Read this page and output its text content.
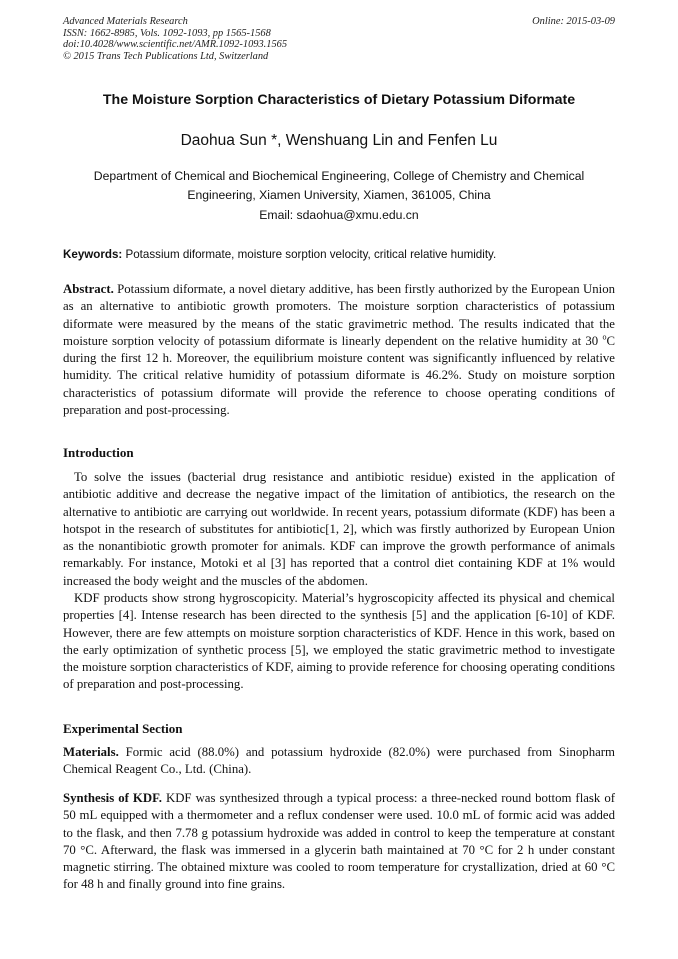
Advanced Materials Research
ISSN: 1662-8985, Vols. 1092-1093, pp 1565-1568
doi:10.4028/www.scientific.net/AMR.1092-1093.1565
© 2015 Trans Tech Publications Ltd, Switzerland
Online: 2015-03-09
The Moisture Sorption Characteristics of Dietary Potassium Diformate
Daohua Sun *, Wenshuang Lin and Fenfen Lu
Department of Chemical and Biochemical Engineering, College of Chemistry and Chemical
Engineering, Xiamen University, Xiamen, 361005, China
Email: sdaohua@xmu.edu.cn
Keywords: Potassium diformate, moisture sorption velocity, critical relative humidity.
Abstract. Potassium diformate, a novel dietary additive, has been firstly authorized by the European Union as an alternative to antibiotic growth promoters. The moisture sorption characteristics of potassium diformate were measured by the means of the static gravimetric method. The results indicated that the moisture sorption velocity of potassium diformate is linearly dependent on the relative humidity at 30 $^o$C during the first 12 h. Moreover, the equilibrium moisture content was significantly influenced by relative humidity. The critical relative humidity of potassium diformate is 46.2%. Study on moisture sorption characteristics of potassium diformate will provide the reference to choose operating conditions of preparation and post-processing.
Introduction
To solve the issues (bacterial drug resistance and antibiotic residue) existed in the application of antibiotic additive and decrease the negative impact of the limitation of antibiotics, the research on the alternative to antibiotic are carrying out worldwide. In recent years, potassium diformate (KDF) has been a hotspot in the research of substitutes for antibiotic[1, 2], which was firstly authorized by European Union as the nonantibiotic growth promoter for animals. KDF can improve the growth performance of animals remarkably. For instance, Motoki et al [3] has reported that a control diet containing KDF at 1% would increased the body weight and the muscles of the abdomen.
KDF products show strong hygroscopicity. Material’s hygroscopicity affected its physical and chemical properties [4]. Intense research has been directed to the synthesis [5] and the application [6-10] of KDF. However, there are few attempts on moisture sorption characteristics of KDF. Hence in this work, based on the early optimization of synthetic process [5], we employed the static gravimetric method to investigate the moisture sorption characteristics of KDF, aiming to provide reference for choosing operating conditions of preparation and post-processing.
Experimental Section
Materials. Formic acid (88.0%) and potassium hydroxide (82.0%) were purchased from Sinopharm Chemical Reagent Co., Ltd. (China).
Synthesis of KDF. KDF was synthesized through a typical process: a three-necked round bottom flask of 50 mL equipped with a thermometer and a reflux condenser were used. 10.0 mL of formic acid was added to the flask, and then 7.78 g potassium hydroxide was added in control to keep the temperature at constant 70 °C. Afterward, the flask was immersed in a glycerin bath maintained at 70 °C for 2 h under constant magnetic stirring. The obtained mixture was cooled to room temperature for crystallization, dried at 60 °C for 48 h and finally ground into fine grains.
